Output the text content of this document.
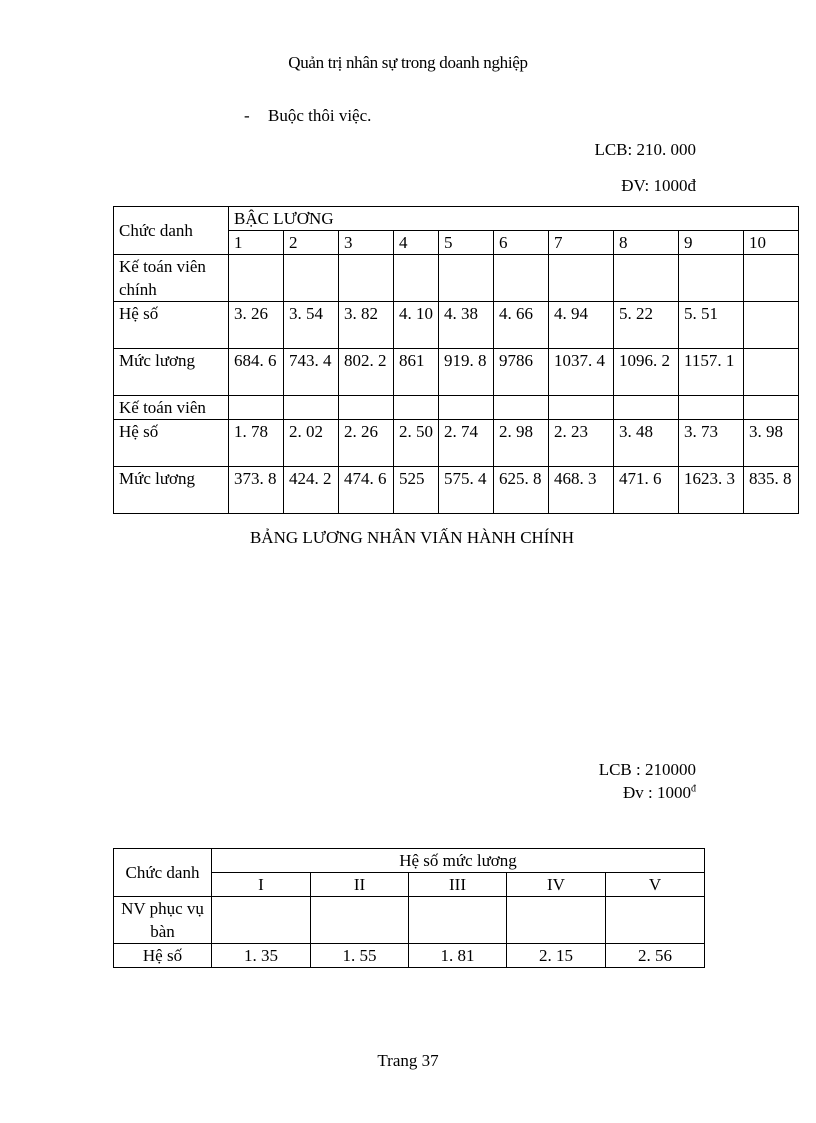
Quản trị nhân sự trong doanh nghiệp
- Buộc thôi việc.
LCB: 210. 000
ĐV: 1000đ
Chức danh	BẬC LƯƠNG									
	1	2	3	4	5	6	7	8	9	10
Kế toán viên chính										
Hệ số	3. 26	3. 54	3. 82	4. 10	4. 38	4. 66	4. 94	5. 22	5. 51	
Mức lương	684. 6	743. 4	802. 2	861	919. 8	9786	1037. 4	1096. 2	1157. 1	
Kế toán viên										
Hệ số	1. 78	2. 02	2. 26	2. 50	2. 74	2. 98	2. 23	3. 48	3. 73	3. 98
Mức lương	373. 8	424. 2	474. 6	525	575. 4	625. 8	468. 3	471. 6	1623. 3	835. 8
BẢNG LƯƠNG NHÂN VIẤN HÀNH CHÍNH
LCB : 210000
Đv : $1000^đ$
Chức danh	Hệ số mức lương				
	I	II	III	IV	V
NV phục vụ bàn					
Hệ số	1. 35	1. 55	1. 81	2. 15	2. 56
Trang 37
